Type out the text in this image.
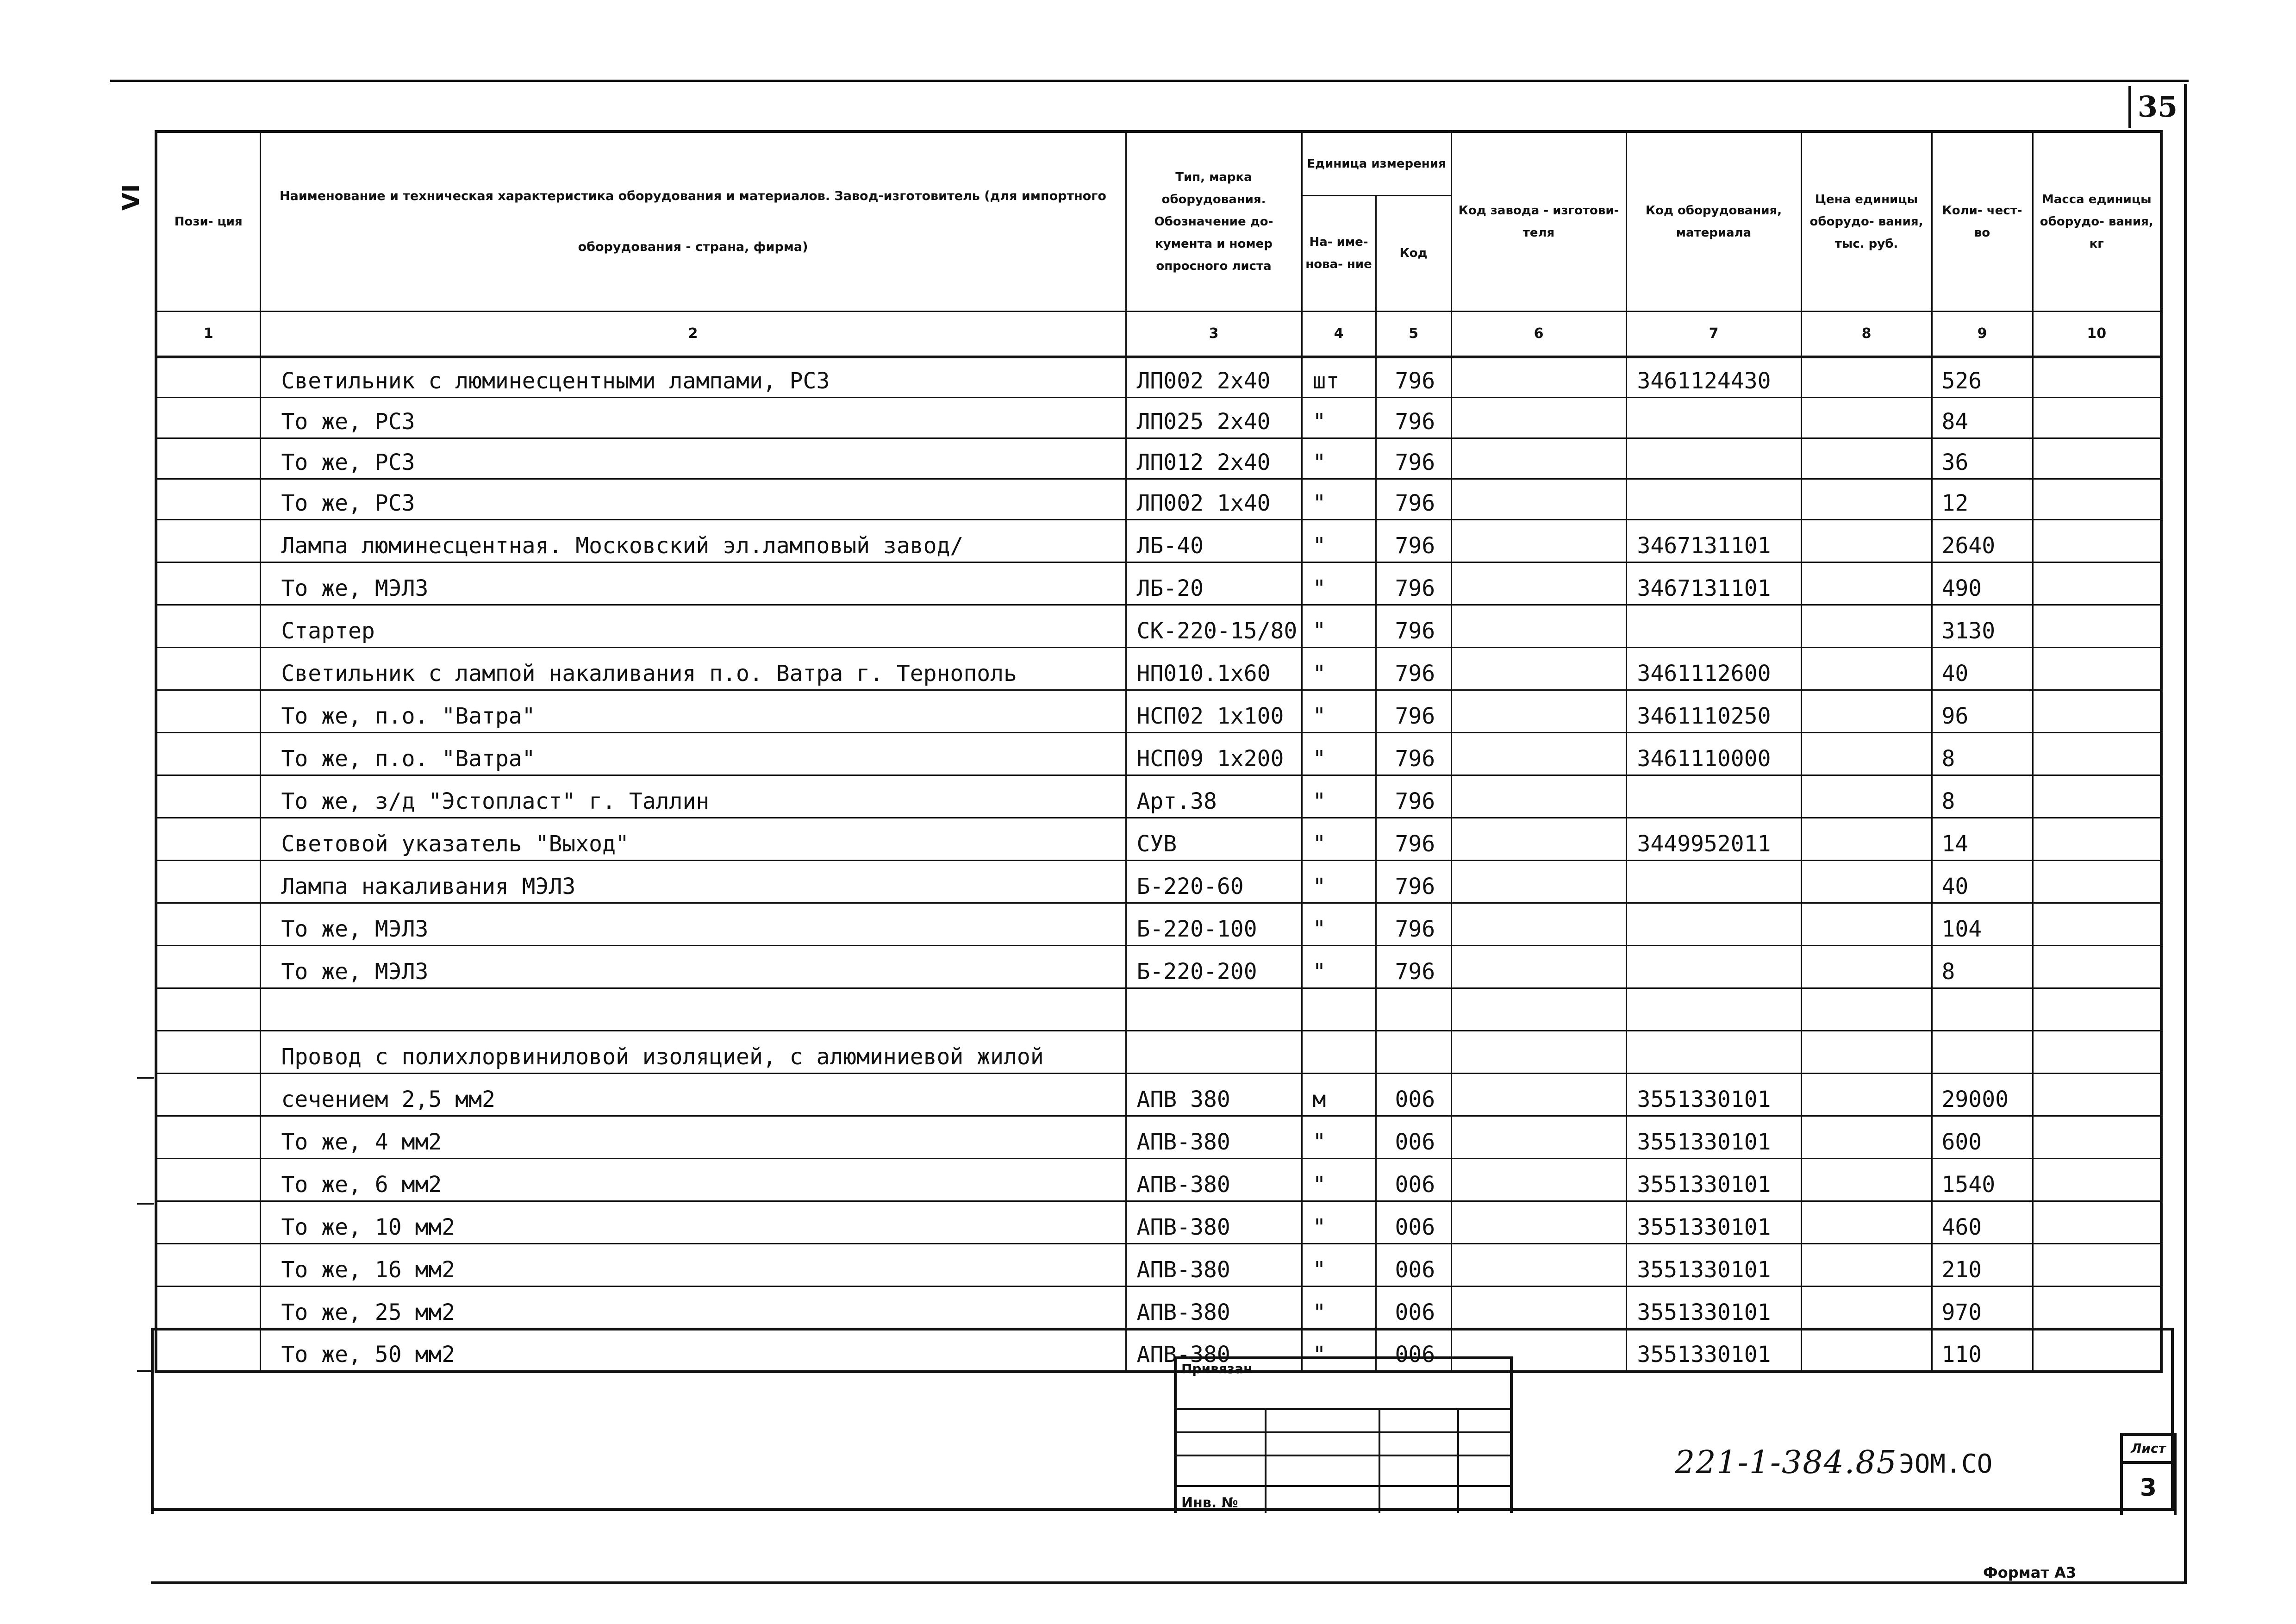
35
VI
Пози- ция	Наименование и техническая характеристика оборудования и материалов. Завод-изготовитель (для импортного оборудования - страна, фирма)	Тип, марка оборудования. Обозначение до- кумента и номер опросного листа	Единица измерения		Код завода - изготови- теля	Код оборудования, материала	Цена единицы оборудо- вания, тыс. руб.	Коли- чест- во	Масса единицы оборудо- вания, кг
			На- име- нова- ние	Код					
1	2	3	4	5	6	7	8	9	10
	Светильник с люминесцентными лампами, РСЗ	ЛП002 2х40	шт	796		3461124430		526	
	То же, РСЗ	ЛП025 2х40	"	796				84	
	То же, РСЗ	ЛП012 2х40	"	796				36	
	То же, РСЗ	ЛП002 1х40	"	796				12	
	Лампа люминесцентная. Московский эл.ламповый завод/	ЛБ-40	"	796		3467131101		2640	
	То же, МЭЛЗ	ЛБ-20	"	796		3467131101		490	
	Стартер	СК-220-15/80	"	796				3130	
	Светильник с лампой накаливания п.о. Ватра г. Тернополь	НП010.1х60	"	796		3461112600		40	
	То же, п.о. "Ватра"	НСП02 1х100	"	796		3461110250		96	
	То же, п.о. "Ватра"	НСП09 1х200	"	796		3461110000		8	
	То же, з/д "Эстопласт" г. Таллин	Арт.38	"	796				8	
	Световой указатель "Выход"	СУВ	"	796		3449952011		14	
	Лампа накаливания МЭЛЗ	Б-220-60	"	796				40	
	То же, МЭЛЗ	Б-220-100	"	796				104	
	То же, МЭЛЗ	Б-220-200	"	796				8	

	Провод с полихлорвиниловой изоляцией, с алюминиевой жилой								
	сечением 2,5 мм2	АПВ 380	м	006		3551330101		29000	
	То же, 4 мм2	АПВ-380	"	006		3551330101		600	
	То же, 6 мм2	АПВ-380	"	006		3551330101		1540	
	То же, 10 мм2	АПВ-380	"	006		3551330101		460	
	То же, 16 мм2	АПВ-380	"	006		3551330101		210	
	То же, 25 мм2	АПВ-380	"	006		3551330101		970	
	То же, 50 мм2	АПВ-380	"	006		3551330101		110	
Привязан
Инв. №
221-1-384.85 ЭОМ.СО
Лист
3
Формат А3
